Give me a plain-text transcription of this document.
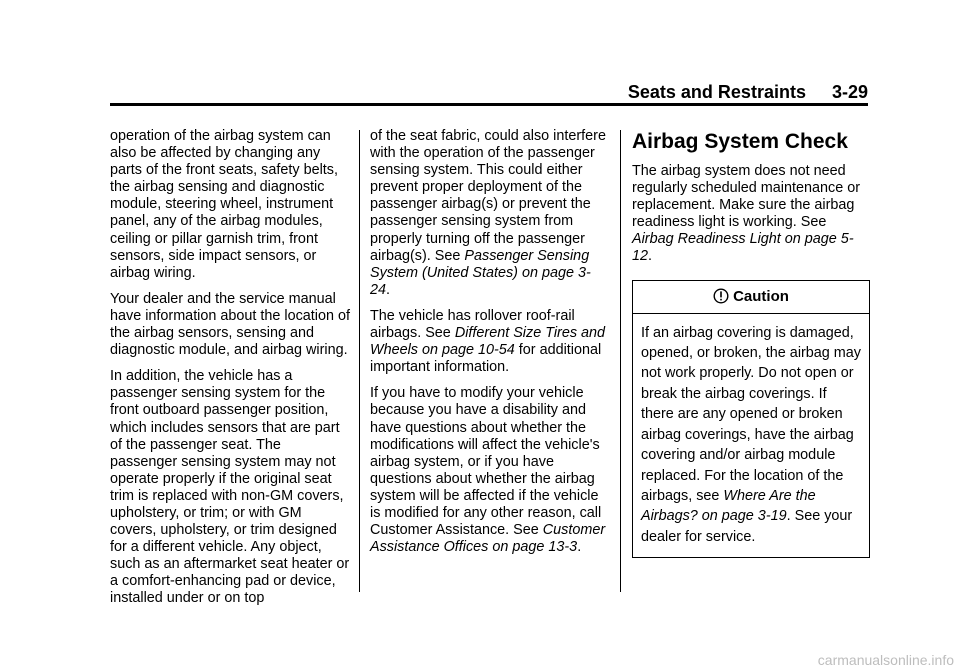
Seats and Restraints 3-29

operation of the airbag system can also be affected by changing any parts of the front seats, safety belts, the airbag sensing and diagnostic module, steering wheel, instrument panel, any of the airbag modules, ceiling or pillar garnish trim, front sensors, side impact sensors, or airbag wiring.

Your dealer and the service manual have information about the location of the airbag sensors, sensing and diagnostic module, and airbag wiring.

In addition, the vehicle has a passenger sensing system for the front outboard passenger position, which includes sensors that are part of the passenger seat. The passenger sensing system may not operate properly if the original seat trim is replaced with non-GM covers, upholstery, or trim; or with GM covers, upholstery, or trim designed for a different vehicle. Any object, such as an aftermarket seat heater or a comfort-enhancing pad or device, installed under or on top

of the seat fabric, could also interfere with the operation of the passenger sensing system. This could either prevent proper deployment of the passenger airbag(s) or prevent the passenger sensing system from properly turning off the passenger airbag(s). See Passenger Sensing System (United States) on page 3-24.

The vehicle has rollover roof-rail airbags. See Different Size Tires and Wheels on page 10-54 for additional important information.

If you have to modify your vehicle because you have a disability and have questions about whether the modifications will affect the vehicle's airbag system, or if you have questions about whether the airbag system will be affected if the vehicle is modified for any other reason, call Customer Assistance. See Customer Assistance Offices on page 13-3.

Airbag System Check

The airbag system does not need regularly scheduled maintenance or replacement. Make sure the airbag readiness light is working. See Airbag Readiness Light on page 5-12.

Caution
If an airbag covering is damaged, opened, or broken, the airbag may not work properly. Do not open or break the airbag coverings. If there are any opened or broken airbag coverings, have the airbag covering and/or airbag module replaced. For the location of the airbags, see Where Are the Airbags? on page 3-19. See your dealer for service.
carmanualsonline.info
